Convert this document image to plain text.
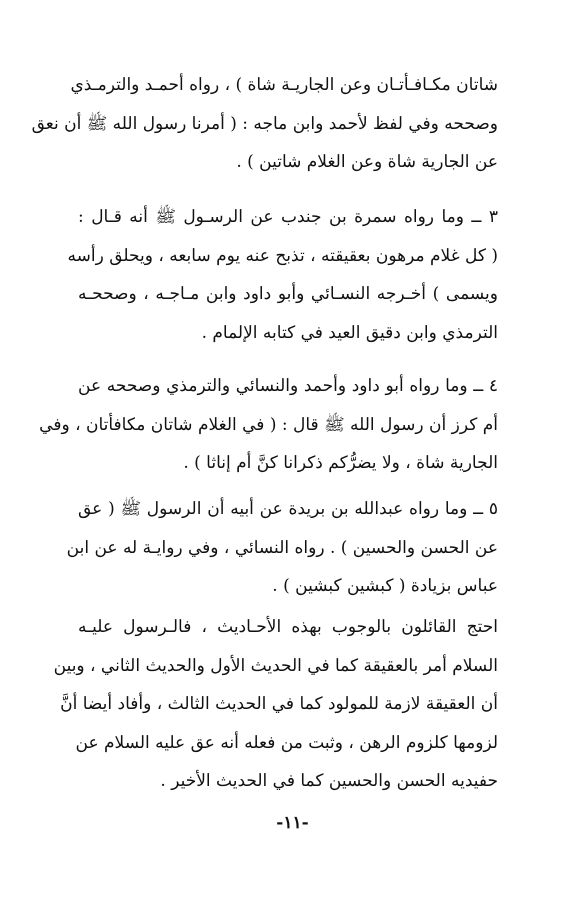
شاتان مكـافـأتـان وعن الجاريـة شاة ) ، رواه أحمـد والترمـذي
وصححه وفي لفظ لأحمد وابن ماجه : ( أمرنا رسول الله ﷺ أن نعق
عن الجارية شاة وعن الغلام شاتين ) .
٣ ــ وما رواه سمرة بن جندب عن الرسـول ﷺ أنه قـال :
( كل غلام مرهون بعقيقته ، تذبح عنه يوم سابعه ، ويحلق رأسه
ويسمى ) أخـرجه النسـائي وأبو داود وابن مـاجـه ، وصححـه
الترمذي وابن دقيق العيد في كتابه الإلمام .
٤ ــ وما رواه أبو داود وأحمد والنسائي والترمذي وصححه عن
أم كرز أن رسول الله ﷺ قال : ( في الغلام شاتان مكافأتان ، وفي
الجارية شاة ، ولا يضرُّكم ذكرانا كنَّ أم إناثا ) .
٥ ــ وما رواه عبدالله بن بريدة عن أبيه أن الرسول ﷺ ( عق
عن الحسن والحسين ) . رواه النسائي ، وفي روايـة له عن ابن
عباس بزيادة ( كبشين كبشين ) .
احتج القائلون بالوجوب بهذه الأحـاديث ، فالـرسول عليـه
السلام أمر بالعقيقة كما في الحديث الأول والحديث الثاني ، وبين
أن العقيقة لازمة للمولود كما في الحديث الثالث ، وأفاد أيضا أنَّ
لزومها كلزوم الرهن ، وثبت من فعله أنه عق عليه السلام عن
حفيديه الحسن والحسين كما في الحديث الأخير .
-١١-
